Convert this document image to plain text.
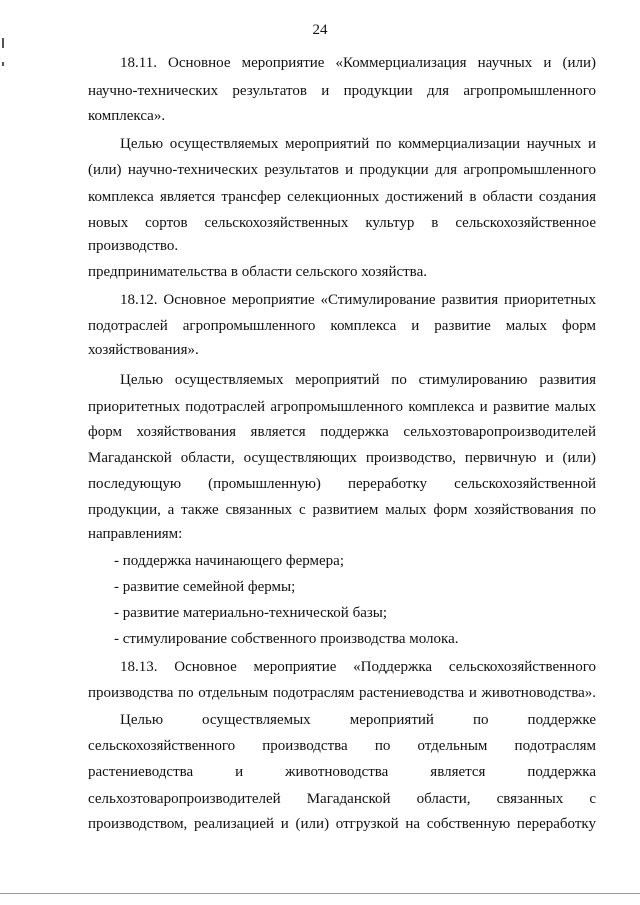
24
18.11. Основное мероприятие «Коммерциализация научных и (или)
научно-технических результатов и продукции для агропромышленного
комплекса».
Целью осуществляемых мероприятий по коммерциализации научных и
(или) научно-технических результатов и продукции для агропромышленного
комплекса является трансфер селекционных достижений в области создания
новых сортов сельскохозяйственных культур в сельскохозяйственное
производство.
предпринимательства в области сельского хозяйства.
18.12. Основное мероприятие «Стимулирование развития приоритетных
подотраслей агропромышленного комплекса и развитие малых форм
хозяйствования».
Целью осуществляемых мероприятий по стимулированию развития
приоритетных подотраслей агропромышленного комплекса и развитие малых
форм хозяйствования является поддержка сельхозтоваропроизводителей
Магаданской области, осуществляющих производство, первичную и (или)
последующую (промышленную) переработку сельскохозяйственной
продукции, а также связанных с развитием малых форм хозяйствования по
направлениям:
- поддержка начинающего фермера;
- развитие семейной фермы;
- развитие материально-технической базы;
- стимулирование собственного производства молока.
18.13. Основное мероприятие «Поддержка сельскохозяйственного
производства по отдельным подотраслям растениеводства и животноводства».
Целью осуществляемых мероприятий по поддержке
сельскохозяйственного производства по отдельным подотраслям
растениеводства и животноводства является поддержка
сельхозтоваропроизводителей Магаданской области, связанных с
производством, реализацией и (или) отгрузкой на собственную переработку
